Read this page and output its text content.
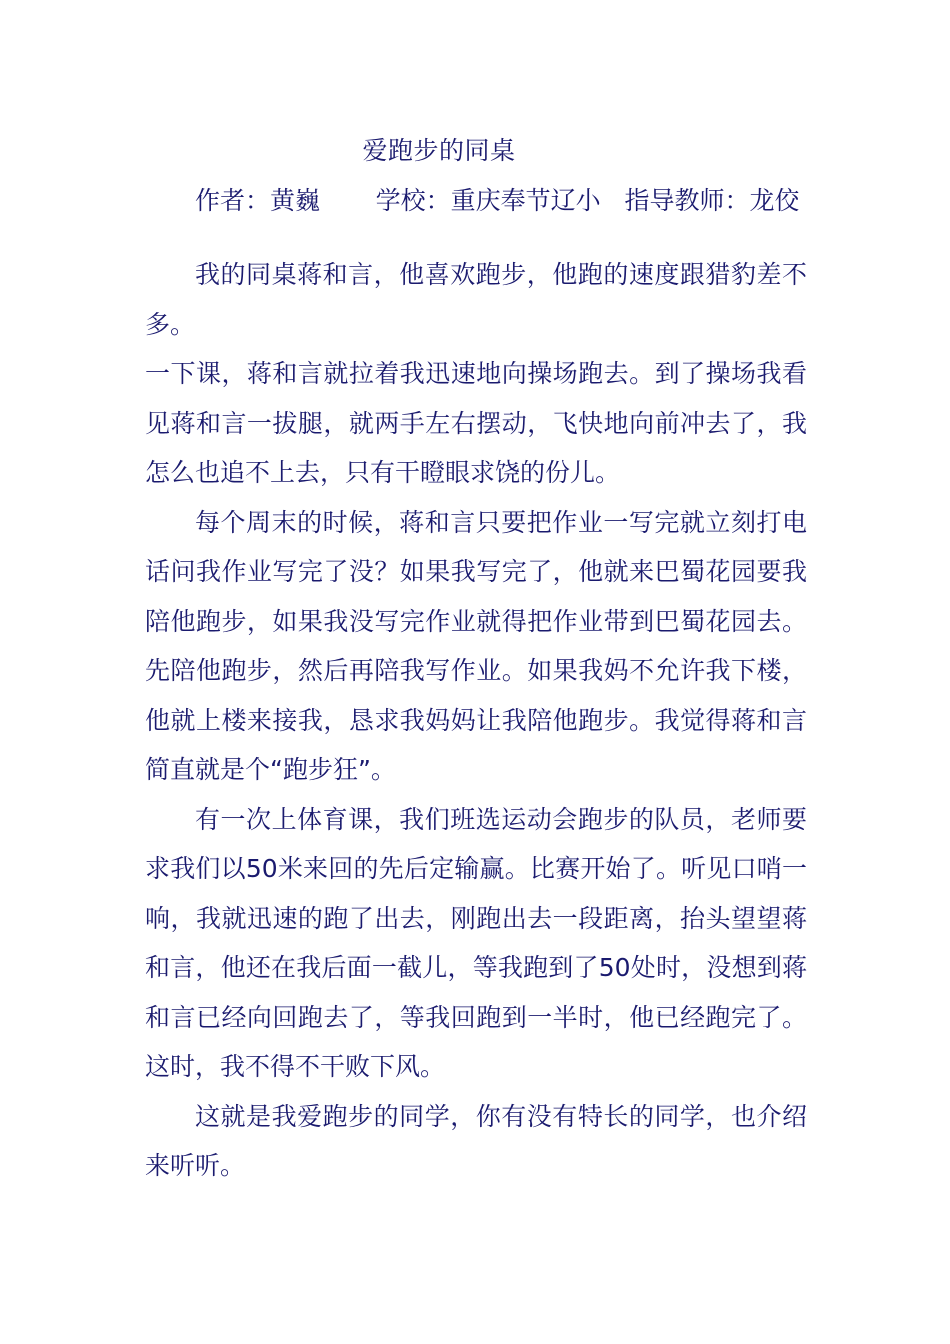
爱跑步的同桌
作者：黄巍 学校：重庆奉节辽小 指导教师：龙佼

我的同桌蒋和言，他喜欢跑步，他跑的速度跟猎豹差不多。

一下课，蒋和言就拉着我迅速地向操场跑去。到了操场我看见蒋和言一拔腿，就两手左右摆动，飞快地向前冲去了，我怎么也追不上去，只有干瞪眼求饶的份儿。

每个周末的时候，蒋和言只要把作业一写完就立刻打电话问我作业写完了没？如果我写完了，他就来巴蜀花园要我陪他跑步，如果我没写完作业就得把作业带到巴蜀花园去。先陪他跑步，然后再陪我写作业。如果我妈不允许我下楼，他就上楼来接我，恳求我妈妈让我陪他跑步。我觉得蒋和言简直就是个“跑步狂”。

有一次上体育课，我们班选运动会跑步的队员，老师要求我们以50米来回的先后定输赢。比赛开始了。听见口哨一响，我就迅速的跑了出去，刚跑出去一段距离，抬头望望蒋和言，他还在我后面一截儿，等我跑到了50处时，没想到蒋和言已经向回跑去了，等我回跑到一半时，他已经跑完了。这时，我不得不干败下风。

这就是我爱跑步的同学，你有没有特长的同学，也介绍来听听。
